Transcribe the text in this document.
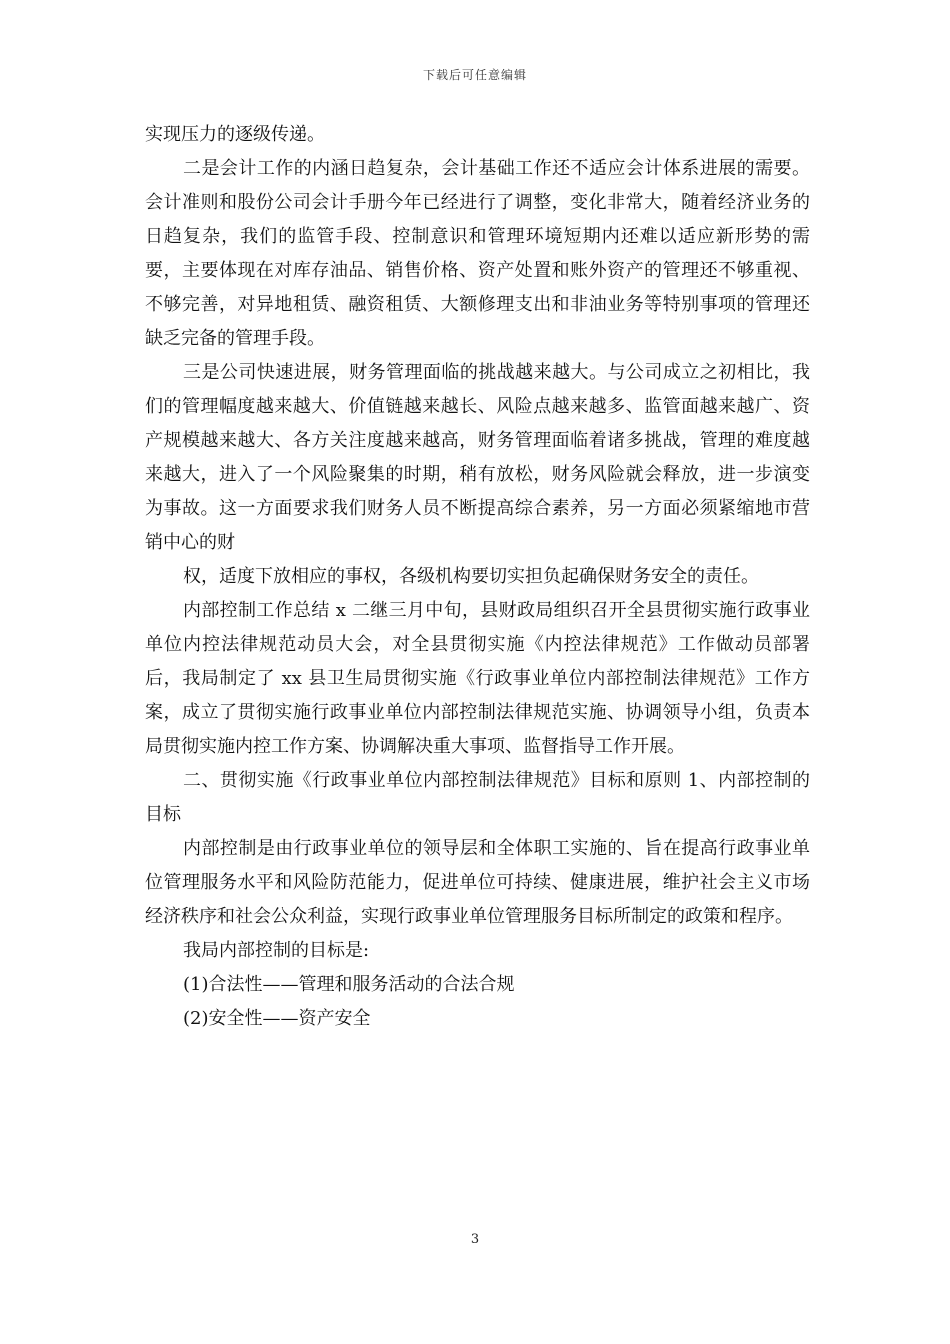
下载后可任意编辑

实现压力的逐级传递。

二是会计工作的内涵日趋复杂，会计基础工作还不适应会计体系进展的需要。会计准则和股份公司会计手册今年已经进行了调整，变化非常大，随着经济业务的日趋复杂，我们的监管手段、控制意识和管理环境短期内还难以适应新形势的需要，主要体现在对库存油品、销售价格、资产处置和账外资产的管理还不够重视、不够完善，对异地租赁、融资租赁、大额修理支出和非油业务等特别事项的管理还缺乏完备的管理手段。

三是公司快速进展，财务管理面临的挑战越来越大。与公司成立之初相比，我们的管理幅度越来越大、价值链越来越长、风险点越来越多、监管面越来越广、资产规模越来越大、各方关注度越来越高，财务管理面临着诸多挑战，管理的难度越来越大，进入了一个风险聚集的时期，稍有放松，财务风险就会释放，进一步演变为事故。这一方面要求我们财务人员不断提高综合素养，另一方面必须紧缩地市营销中心的财

权，适度下放相应的事权，各级机构要切实担负起确保财务安全的责任。

内部控制工作总结 x 二继三月中旬，县财政局组织召开全县贯彻实施行政事业单位内控法律规范动员大会，对全县贯彻实施《内控法律规范》工作做动员部署后，我局制定了 xx 县卫生局贯彻实施《行政事业单位内部控制法律规范》工作方案，成立了贯彻实施行政事业单位内部控制法律规范实施、协调领导小组，负责本局贯彻实施内控工作方案、协调解决重大事项、监督指导工作开展。

二、贯彻实施《行政事业单位内部控制法律规范》目标和原则 1、内部控制的目标

内部控制是由行政事业单位的领导层和全体职工实施的、旨在提高行政事业单位管理服务水平和风险防范能力，促进单位可持续、健康进展，维护社会主义市场经济秩序和社会公众利益，实现行政事业单位管理服务目标所制定的政策和程序。

我局内部控制的目标是:

(1)合法性——管理和服务活动的合法合规

(2)安全性——资产安全

3
